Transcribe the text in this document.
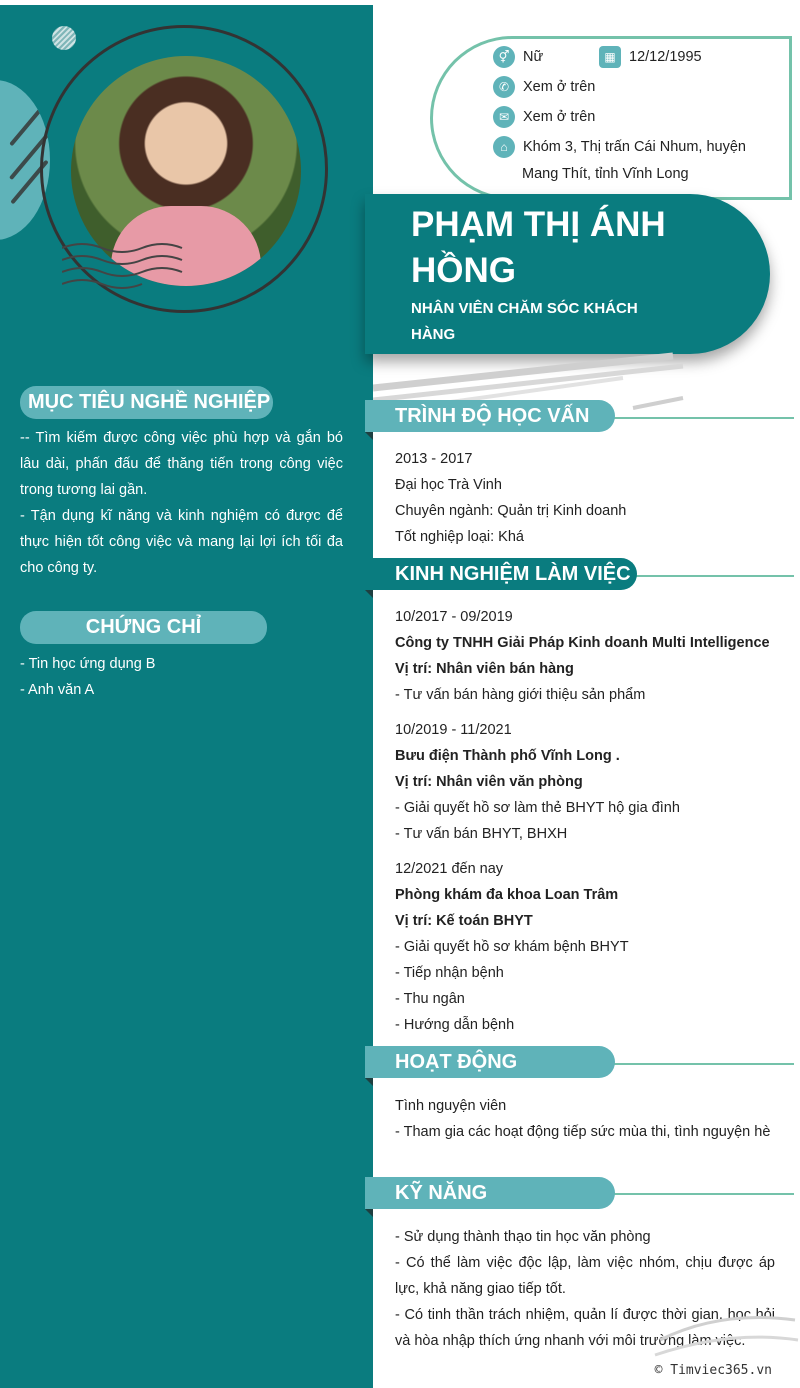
MỤC TIÊU NGHỀ NGHIỆP

-- Tìm kiếm được công việc phù hợp và gắn bó lâu dài, phấn đấu để thăng tiến trong công việc trong tương lai gần.

- Tận dụng kĩ năng và kinh nghiệm có được để thực hiện tốt công việc và mang lại lợi ích tối đa cho công ty.

CHỨNG CHỈ

- Tin học ứng dụng B

- Anh văn A

⚥ Nữ	▦ 12/12/1995
✆ Xem ở trên
✉ Xem ở trên
⌂	Khóm 3, Thị trấn Cái Nhum, huyện
Mang Thít, tỉnh Vĩnh Long
PHẠM THỊ ÁNH
HỒNG
NHÂN VIÊN CHĂM SÓC KHÁCH
HÀNG
TRÌNH ĐỘ HỌC VẤN
2013 - 2017
Đại học Trà Vinh
Chuyên ngành: Quản trị Kinh doanh
Tốt nghiệp loại: Khá
KINH NGHIỆM LÀM VIỆC
10/2017 - 09/2019
Công ty TNHH Giải Pháp Kinh doanh Multi Intelligence
Vị trí: Nhân viên bán hàng
- Tư vấn bán hàng giới thiệu sản phẩm
10/2019 - 11/2021
Bưu điện Thành phố Vĩnh Long .
Vị trí: Nhân viên văn phòng
- Giải quyết hồ sơ làm thẻ BHYT hộ gia đình
- Tư vấn bán BHYT, BHXH
12/2021 đến nay
Phòng khám đa khoa Loan Trâm
Vị trí: Kế toán BHYT
- Giải quyết hồ sơ khám bệnh BHYT
- Tiếp nhận bệnh
- Thu ngân
- Hướng dẫn bệnh
HOẠT ĐỘNG
Tình nguyện viên
- Tham gia các hoạt động tiếp sức mùa thi, tình nguyện hè
KỸ NĂNG
- Sử dụng thành thạo tin học văn phòng
- Có thể làm việc độc lập, làm việc nhóm, chịu được áp lực, khả năng giao tiếp tốt.
- Có tinh thần trách nhiệm, quản lí được thời gian, học hỏi và hòa nhập thích ứng nhanh với môi trường làm việc.
© Timviec365.vn
